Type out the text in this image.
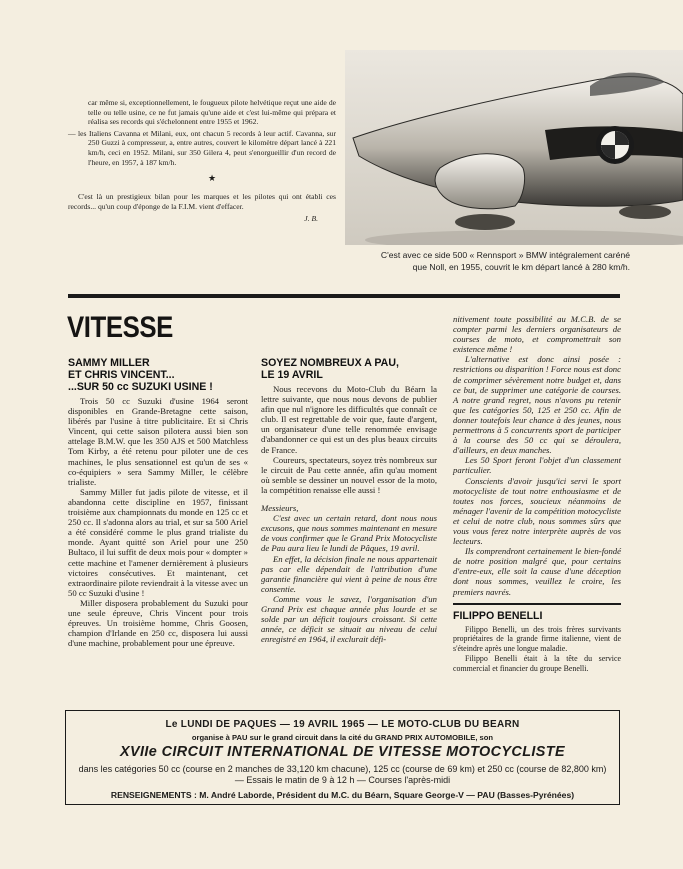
car même si, exceptionnellement, le fougueux pilote helvétique reçut une aide de telle ou telle usine, ce ne fut jamais qu'une aide et c'est lui-même qui prépara et réalisa ses records qui s'échelonnent entre 1955 et 1962.

— les Italiens Cavanna et Milani, eux, ont chacun 5 records à leur actif. Cavanna, sur 250 Guzzi à compresseur, a, entre autres, couvert le kilomètre départ lancé à 221 km/h, ceci en 1952. Milani, sur 350 Gilera 4, peut s'enorgueillir d'un record de l'heure, en 1957, à 187 km/h.

★

C'est là un prestigieux bilan pour les marques et les pilotes qui ont établi ces records... qu'un coup d'éponge de la F.I.M. vient d'effacer.

J. B.

C'est avec ce side 500 « Rennsport » BMW intégralement caréné que Noll, en 1955, couvrit le km départ lancé à 280 km/h.
VITESSE
SAMMY MILLER
ET CHRIS VINCENT...
...SUR 50 cc SUZUKI USINE !

Trois 50 cc Suzuki d'usine 1964 seront disponibles en Grande-Bretagne cette saison, libérés par l'usine à titre publicitaire. Et si Chris Vincent, qui cette saison pilotera aussi bien son attelage B.M.W. que les 350 AJS et 500 Matchless Tom Kirby, a été retenu pour piloter une de ces machines, le plus sensationnel est qu'un de ses « co-équipiers » sera Sammy Miller, le célèbre trialiste.

Sammy Miller fut jadis pilote de vitesse, et il abandonna cette discipline en 1957, finissant troisième aux championnats du monde en 125 cc et 250 cc. Il s'adonna alors au trial, et sur sa 500 Ariel a été considéré comme le plus grand trialiste du monde. Ayant quitté son Ariel pour une 250 Bultaco, il lui suffit de deux mois pour « dompter » cette machine et l'amener dernièrement à plusieurs victoires consécutives. Et maintenant, cet extraordinaire pilote reviendrait à la vitesse avec un 50 cc Suzuki d'usine !

Miller disposera probablement du Suzuki pour une seule épreuve, Chris Vincent pour trois épreuves. Un troisième homme, Chris Goosen, champion d'Irlande en 250 cc, disposera lui aussi d'une machine, probablement pour une épreuve.

SOYEZ NOMBREUX A PAU,
LE 19 AVRIL

Nous recevons du Moto-Club du Béarn la lettre suivante, que nous nous devons de publier afin que nul n'ignore les difficultés que connaît ce club. Il est regrettable de voir que, faute d'argent, un organisateur d'une telle renommée envisage d'abandonner ce qui est un des plus beaux circuits de France.

Coureurs, spectateurs, soyez très nombreux sur le circuit de Pau cette année, afin qu'au moment où semble se dessiner un nouvel essor de la moto, la compétition renaisse elle aussi !

Messieurs,

C'est avec un certain retard, dont nous nous excusons, que nous sommes maintenant en mesure de vous confirmer que le Grand Prix Motocycliste de Pau aura lieu le lundi de Pâques, 19 avril.

En effet, la décision finale ne nous appartenait pas car elle dépendait de l'attribution d'une garantie financière qui vient à peine de nous être consentie.

Comme vous le savez, l'organisation d'un Grand Prix est chaque année plus lourde et se solde par un déficit toujours croissant. Si cette année, ce déficit se situait au niveau de celui enregistré en 1964, il exclurait défi-

nitivement toute possibilité au M.C.B. de se compter parmi les derniers organisateurs de courses de moto, et compromettrait son existence même !

L'alternative est donc ainsi posée : restrictions ou disparition ! Force nous est donc de comprimer sévèrement notre budget et, dans ce but, de supprimer une catégorie de courses. A notre grand regret, nous n'avons pu retenir que les catégories 50, 125 et 250 cc. Afin de donner toutefois leur chance à des jeunes, nous permettrons à 5 concurrents sport de participer à la course des 50 cc qui se déroulera, d'ailleurs, en deux manches.

Les 50 Sport feront l'objet d'un classement particulier.

Conscients d'avoir jusqu'ici servi le sport motocycliste de tout notre enthousiasme et de toutes nos forces, soucieux néanmoins de ménager l'avenir de la compétition motocycliste et celui de notre club, nous sommes sûrs que vous vous ferez notre interprète auprès de vos lecteurs.

Ils comprendront certainement le bien-fondé de notre position malgré que, pour certains d'entre-eux, elle soit la cause d'une déception dont nous sommes, veuillez le croire, les premiers navrés.

FILIPPO BENELLI

Filippo Benelli, un des trois frères survivants propriétaires de la grande firme italienne, vient de s'éteindre après une longue maladie.

Filippo Benelli était à la tête du service commercial et financier du groupe Benelli.

Le LUNDI DE PAQUES — 19 AVRIL 1965 — LE MOTO-CLUB DU BEARN
organise à PAU sur le grand circuit dans la cité du GRAND PRIX AUTOMOBILE, son
XVIIe CIRCUIT INTERNATIONAL DE VITESSE MOTOCYCLISTE
dans les catégories 50 cc (course en 2 manches de 33,120 km chacune), 125 cc (course de 69 km) et 250 cc (course de 82,800 km) — Essais le matin de 9 à 12 h — Courses l'après-midi
RENSEIGNEMENTS : M. André Laborde, Président du M.C. du Béarn, Square George-V — PAU (Basses-Pyrénées)
